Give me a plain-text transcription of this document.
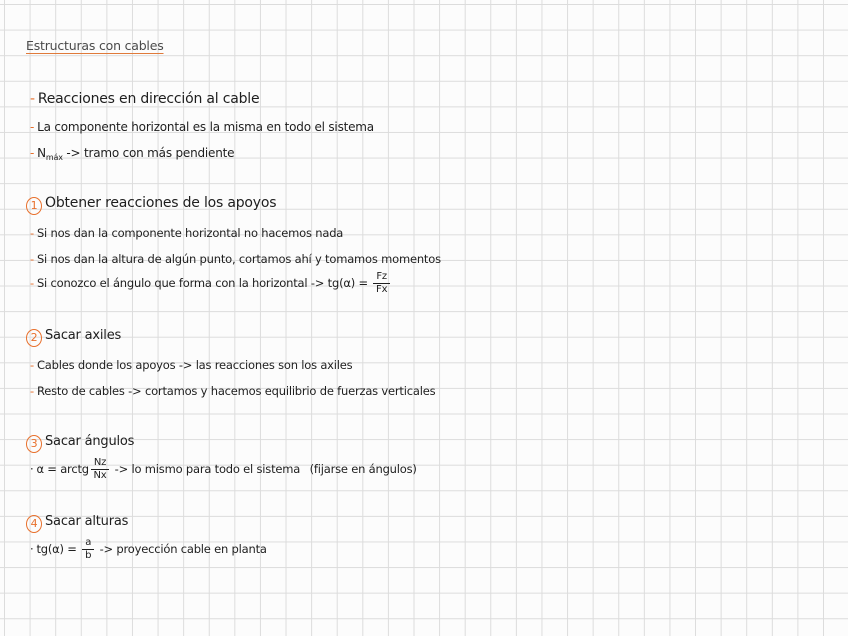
Estructuras con cables
- Reacciones en dirección al cable
- La componente horizontal es la misma en todo el sistema
- $N_{máx}$ -> tramo con más pendiente
1 Obtener reacciones de los apoyos
- Si nos dan la componente horizontal no hacemos nada
- Si nos dan la altura de algún punto, cortamos ahí y tomamos momentos
- Si conozco el ángulo que forma con la horizontal -> $tg(\alpha) = \frac{Fz}{Fx}$
2 Sacar axiles
- Cables donde los apoyos -> las reacciones son los axiles
- Resto de cables -> cortamos y hacemos equilibrio de fuerzas verticales
3 Sacar ángulos
· α = arctg $\frac{Nz}{Nx}$ -> lo mismo para todo el sistema (fijarse en ángulos)
4 Sacar alturas
· $tg(\alpha) = \frac{a}{b}$ -> proyección cable en planta
